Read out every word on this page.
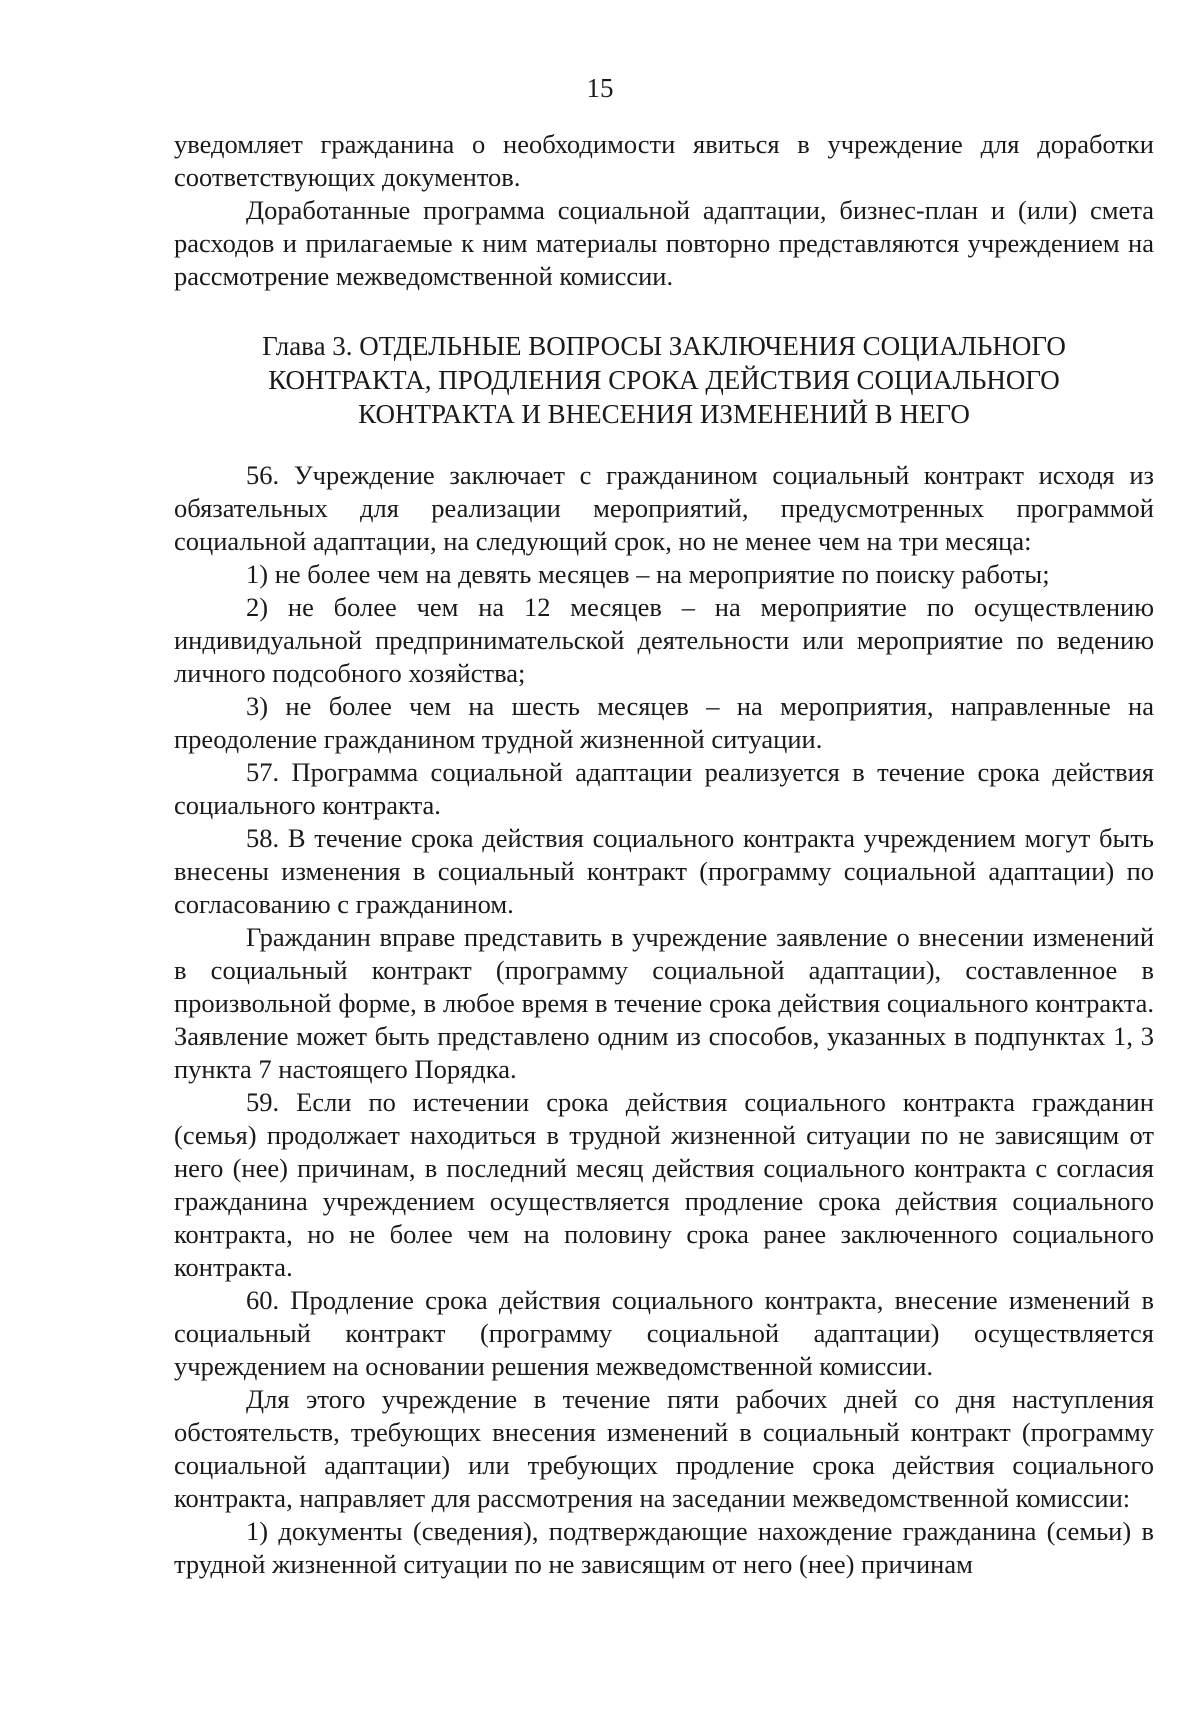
15

уведомляет гражданина о необходимости явиться в учреждение для доработки соответствующих документов.

Доработанные программа социальной адаптации, бизнес-план и (или) смета расходов и прилагаемые к ним материалы повторно представляются учреждением на рассмотрение межведомственной комиссии.

Глава 3. ОТДЕЛЬНЫЕ ВОПРОСЫ ЗАКЛЮЧЕНИЯ СОЦИАЛЬНОГО
КОНТРАКТА, ПРОДЛЕНИЯ СРОКА ДЕЙСТВИЯ СОЦИАЛЬНОГО
КОНТРАКТА И ВНЕСЕНИЯ ИЗМЕНЕНИЙ В НЕГО

56. Учреждение заключает с гражданином социальный контракт исходя из обязательных для реализации мероприятий, предусмотренных программой социальной адаптации, на следующий срок, но не менее чем на три месяца:

1) не более чем на девять месяцев – на мероприятие по поиску работы;

2) не более чем на 12 месяцев – на мероприятие по осуществлению индивидуальной предпринимательской деятельности или мероприятие по ведению личного подсобного хозяйства;

3) не более чем на шесть месяцев – на мероприятия, направленные на преодоление гражданином трудной жизненной ситуации.

57. Программа социальной адаптации реализуется в течение срока действия социального контракта.

58. В течение срока действия социального контракта учреждением могут быть внесены изменения в социальный контракт (программу социальной адаптации) по согласованию с гражданином.

Гражданин вправе представить в учреждение заявление о внесении изменений в социальный контракт (программу социальной адаптации), составленное в произвольной форме, в любое время в течение срока действия социального контракта. Заявление может быть представлено одним из способов, указанных в подпунктах 1, 3 пункта 7 настоящего Порядка.

59. Если по истечении срока действия социального контракта гражданин (семья) продолжает находиться в трудной жизненной ситуации по не зависящим от него (нее) причинам, в последний месяц действия социального контракта с согласия гражданина учреждением осуществляется продление срока действия социального контракта, но не более чем на половину срока ранее заключенного социального контракта.

60. Продление срока действия социального контракта, внесение изменений в социальный контракт (программу социальной адаптации) осуществляется учреждением на основании решения межведомственной комиссии.

Для этого учреждение в течение пяти рабочих дней со дня наступления обстоятельств, требующих внесения изменений в социальный контракт (программу социальной адаптации) или требующих продление срока действия социального контракта, направляет для рассмотрения на заседании межведомственной комиссии:

1) документы (сведения), подтверждающие нахождение гражданина (семьи) в трудной жизненной ситуации по не зависящим от него (нее) причинам
